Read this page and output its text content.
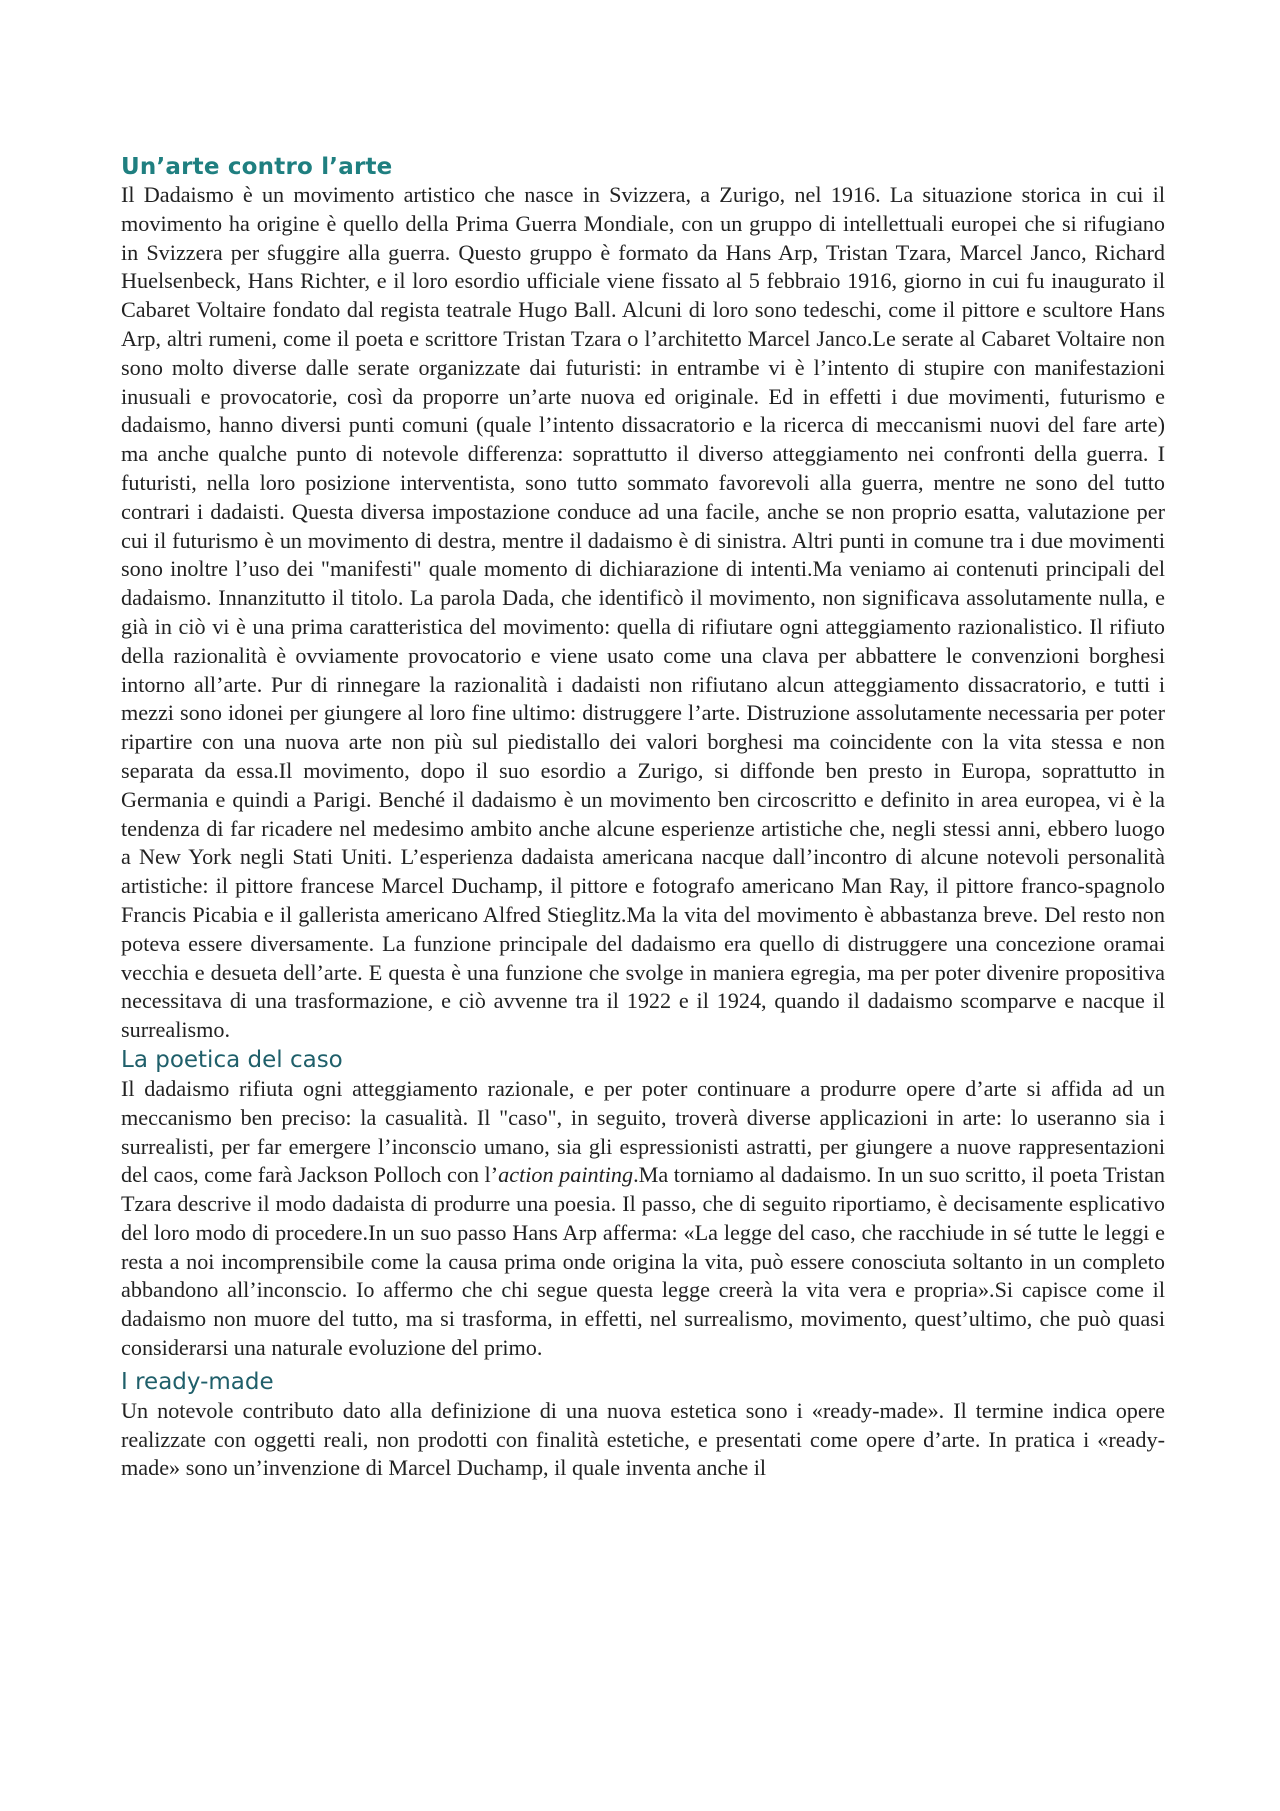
Un’arte contro l’arte

Il Dadaismo è un movimento artistico che nasce in Svizzera, a Zurigo, nel 1916. La situazione storica in cui il movimento ha origine è quello della Prima Guerra Mondiale, con un gruppo di intellettuali europei che si rifugiano in Svizzera per sfuggire alla guerra. Questo gruppo è formato da Hans Arp, Tristan Tzara, Marcel Janco, Richard Huelsenbeck, Hans Richter, e il loro esordio ufficiale viene fissato al 5 febbraio 1916, giorno in cui fu inaugurato il Cabaret Voltaire fondato dal regista teatrale Hugo Ball. Alcuni di loro sono tedeschi, come il pittore e scultore Hans Arp, altri rumeni, come il poeta e scrittore Tristan Tzara o l’architetto Marcel Janco.Le serate al Cabaret Voltaire non sono molto diverse dalle serate organizzate dai futuristi: in entrambe vi è l’intento di stupire con manifestazioni inusuali e provocatorie, così da proporre un’arte nuova ed originale. Ed in effetti i due movimenti, futurismo e dadaismo, hanno diversi punti comuni (quale l’intento dissacratorio e la ricerca di meccanismi nuovi del fare arte) ma anche qualche punto di notevole differenza: soprattutto il diverso atteggiamento nei confronti della guerra. I futuristi, nella loro posizione interventista, sono tutto sommato favorevoli alla guerra, mentre ne sono del tutto contrari i dadaisti. Questa diversa impostazione conduce ad una facile, anche se non proprio esatta, valutazione per cui il futurismo è un movimento di destra, mentre il dadaismo è di sinistra. Altri punti in comune tra i due movimenti sono inoltre l’uso dei "manifesti" quale momento di dichiarazione di intenti.Ma veniamo ai contenuti principali del dadaismo. Innanzitutto il titolo. La parola Dada, che identificò il movimento, non significava assolutamente nulla, e già in ciò vi è una prima caratteristica del movimento: quella di rifiutare ogni atteggiamento razionalistico. Il rifiuto della razionalità è ovviamente provocatorio e viene usato come una clava per abbattere le convenzioni borghesi intorno all’arte. Pur di rinnegare la razionalità i dadaisti non rifiutano alcun atteggiamento dissacratorio, e tutti i mezzi sono idonei per giungere al loro fine ultimo: distruggere l’arte. Distruzione assolutamente necessaria per poter ripartire con una nuova arte non più sul piedistallo dei valori borghesi ma coincidente con la vita stessa e non separata da essa.Il movimento, dopo il suo esordio a Zurigo, si diffonde ben presto in Europa, soprattutto in Germania e quindi a Parigi. Benché il dadaismo è un movimento ben circoscritto e definito in area europea, vi è la tendenza di far ricadere nel medesimo ambito anche alcune esperienze artistiche che, negli stessi anni, ebbero luogo a New York negli Stati Uniti. L’esperienza dadaista americana nacque dall’incontro di alcune notevoli personalità artistiche: il pittore francese Marcel Duchamp, il pittore e fotografo americano Man Ray, il pittore franco-spagnolo Francis Picabia e il gallerista americano Alfred Stieglitz.Ma la vita del movimento è abbastanza breve. Del resto non poteva essere diversamente. La funzione principale del dadaismo era quello di distruggere una concezione oramai vecchia e desueta dell’arte. E questa è una funzione che svolge in maniera egregia, ma per poter divenire propositiva necessitava di una trasformazione, e ciò avvenne tra il 1922 e il 1924, quando il dadaismo scomparve e nacque il surrealismo.

La poetica del caso

Il dadaismo rifiuta ogni atteggiamento razionale, e per poter continuare a produrre opere d’arte si affida ad un meccanismo ben preciso: la casualità. Il "caso", in seguito, troverà diverse applicazioni in arte: lo useranno sia i surrealisti, per far emergere l’inconscio umano, sia gli espressionisti astratti, per giungere a nuove rappresentazioni del caos, come farà Jackson Polloch con l’action painting.Ma torniamo al dadaismo. In un suo scritto, il poeta Tristan Tzara descrive il modo dadaista di produrre una poesia. Il passo, che di seguito riportiamo, è decisamente esplicativo del loro modo di procedere.In un suo passo Hans Arp afferma: «La legge del caso, che racchiude in sé tutte le leggi e resta a noi incomprensibile come la causa prima onde origina la vita, può essere conosciuta soltanto in un completo abbandono all’inconscio. Io affermo che chi segue questa legge creerà la vita vera e propria».Si capisce come il dadaismo non muore del tutto, ma si trasforma, in effetti, nel surrealismo, movimento, quest’ultimo, che può quasi considerarsi una naturale evoluzione del primo.

I ready-made

Un notevole contributo dato alla definizione di una nuova estetica sono i «ready-made». Il termine indica opere realizzate con oggetti reali, non prodotti con finalità estetiche, e presentati come opere d’arte. In pratica i «ready-made» sono un’invenzione di Marcel Duchamp, il quale inventa anche il
